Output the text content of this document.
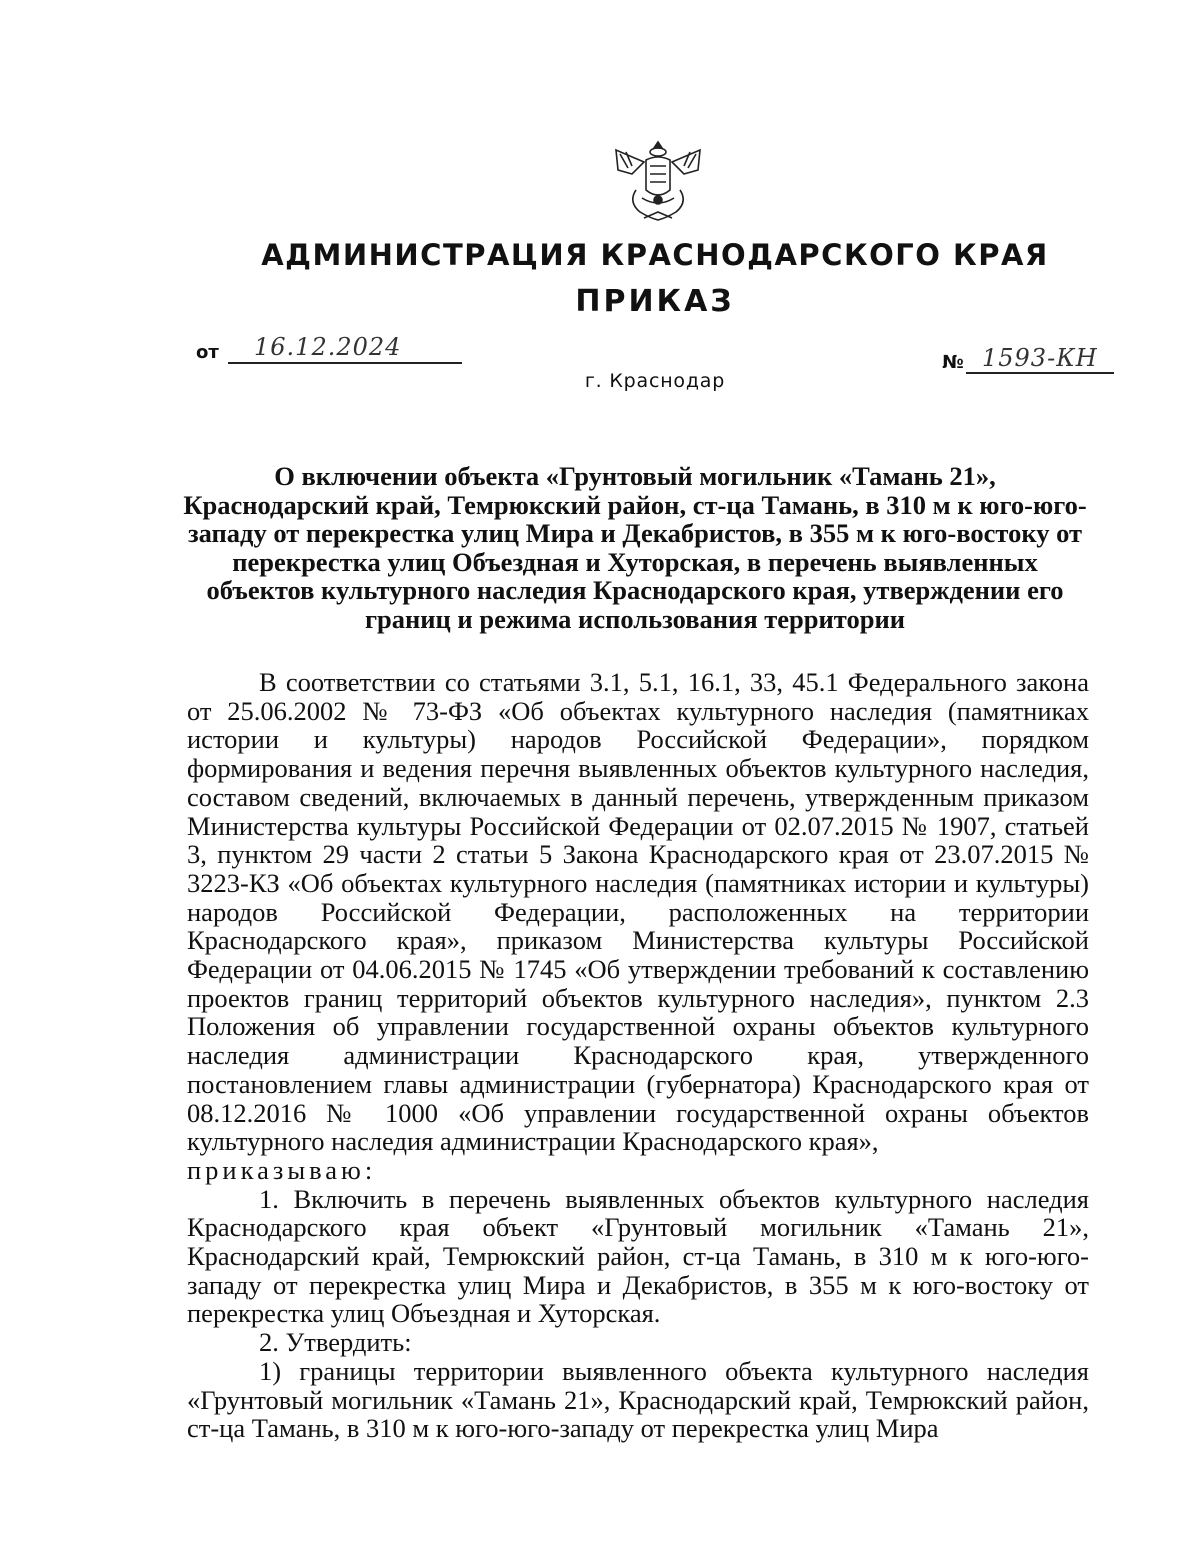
АДМИНИСТРАЦИЯ КРАСНОДАРСКОГО КРАЯ
ПРИКАЗ
от 16.12.2024
№ 1593-КН
г. Краснодар
О включении объекта «Грунтовый могильник «Тамань 21», Краснодарский край, Темрюкский район, ст-ца Тамань, в 310 м к юго-юго-западу от перекрестка улиц Мира и Декабристов, в 355 м к юго-востоку от перекрестка улиц Объездная и Хуторская, в перечень выявленных объектов культурного наследия Краснодарского края, утверждении его границ и режима использования территории

В соответствии со статьями 3.1, 5.1, 16.1, 33, 45.1 Федерального закона от 25.06.2002 № 73-ФЗ «Об объектах культурного наследия (памятниках истории и культуры) народов Российской Федерации», порядком формирования и ведения перечня выявленных объектов культурного наследия, составом сведений, включаемых в данный перечень, утвержденным приказом Министерства культуры Российской Федерации от 02.07.2015 № 1907, статьей 3, пунктом 29 части 2 статьи 5 Закона Краснодарского края от 23.07.2015 № 3223-КЗ «Об объектах культурного наследия (памятниках истории и культуры) народов Российской Федерации, расположенных на территории Краснодарского края», приказом Министерства культуры Российской Федерации от 04.06.2015 № 1745 «Об утверждении требований к составлению проектов границ территорий объектов культурного наследия», пунктом 2.3 Положения об управлении государственной охраны объектов культурного наследия администрации Краснодарского края, утвержденного постановлением главы администрации (губернатора) Краснодарского края от 08.12.2016 № 1000 «Об управлении государственной охраны объектов культурного наследия администрации Краснодарского края»,
приказываю:

1. Включить в перечень выявленных объектов культурного наследия Краснодарского края объект «Грунтовый могильник «Тамань 21», Краснодарский край, Темрюкский район, ст-ца Тамань, в 310 м к юго-юго-западу от перекрестка улиц Мира и Декабристов, в 355 м к юго-востоку от перекрестка улиц Объездная и Хуторская.

2. Утвердить:

1) границы территории выявленного объекта культурного наследия «Грунтовый могильник «Тамань 21», Краснодарский край, Темрюкский район, ст-ца Тамань, в 310 м к юго-юго-западу от перекрестка улиц Мира
